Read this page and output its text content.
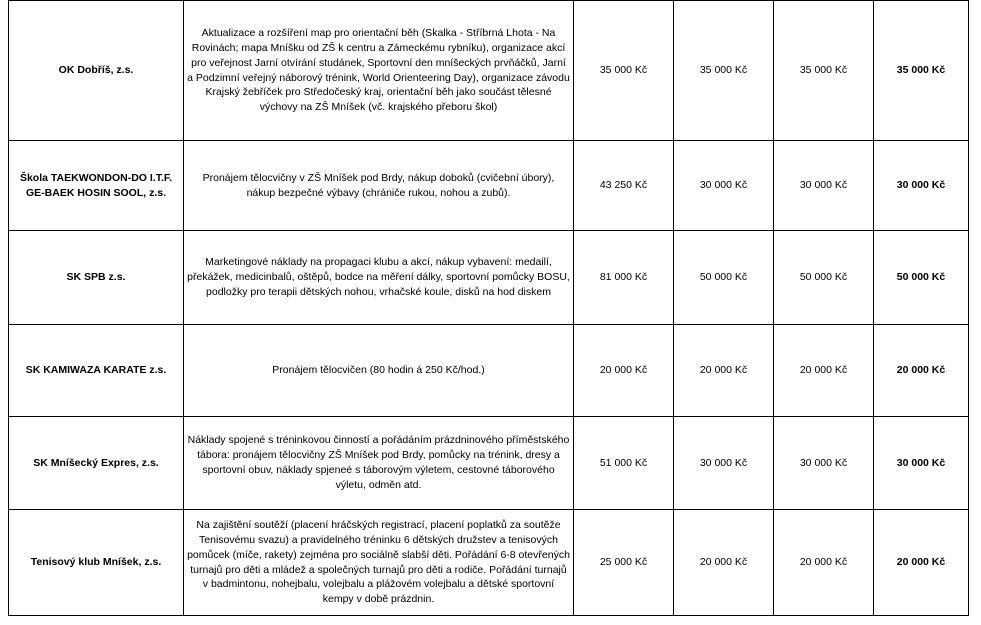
OK Dobříš, z.s.	Aktualizace a rozšíření map pro orientační běh (Skalka - Stříbrná Lhota - Na Rovinách; mapa Mníšku od ZŠ k centru a Zámeckému rybníku), organizace akcí pro veřejnost Jarní otvírání studánek, Sportovní den mníšeckých prvňáčků, Jarní a Podzimní veřejný náborový trénink, World Orienteering Day), organizace závodu Krajský žebříček pro Středočeský kraj, orientační běh jako součást tělesné výchovy na ZŠ Mníšek (vč. krajského přeboru škol)	35 000 Kč	35 000 Kč	35 000 Kč	35 000 Kč
Škola TAEKWONDON-DO I.T.F. GE-BAEK HOSIN SOOL, z.s.	Pronájem tělocvičny v ZŠ Mníšek pod Brdy, nákup doboků (cvičební úbory), nákup bezpečné výbavy (chrániče rukou, nohou a zubů).	43 250 Kč	30 000 Kč	30 000 Kč	30 000 Kč
SK SPB z.s.	Marketingové náklady na propagaci klubu a akcí, nákup vybavení: medailí, překážek, medicinbalů, oštěpů, bodce na měření dálky, sportovní pomůcky BOSU, podložky pro terapii dětských nohou, vrhačské koule, disků na hod diskem	81 000 Kč	50 000 Kč	50 000 Kč	50 000 Kč
SK KAMIWAZA KARATE z.s.	Pronájem tělocvičen (80 hodin á 250 Kč/hod.)	20 000 Kč	20 000 Kč	20 000 Kč	20 000 Kč
SK Mníšecký Expres, z.s.	Náklady spojené s tréninkovou činností a pořádáním prázdninového příměstského tábora: pronájem tělocvičny ZŠ Mníšek pod Brdy, pomůcky na trénink, dresy a sportovní obuv, náklady spjeneé s táborovým výletem, cestovné táborového výletu, odměn atd.	51 000 Kč	30 000 Kč	30 000 Kč	30 000 Kč
Tenisový klub Mníšek, z.s.	Na zajištění soutěží (placení hráčských registrací, placení poplatků za soutěže Tenisovému svazu) a pravidelného tréninku 6 dětských družstev a tenisových pomůcek (míče, rakety) zejména pro sociálně slabší děti. Pořádání 6-8 otevřených turnajů pro děti a mládež a společných turnajů pro děti a rodiče. Pořádání turnajů v badmintonu, nohejbalu, volejbalu a plážovém volejbalu a dětské sportovní kempy v době prázdnin.	25 000 Kč	20 000 Kč	20 000 Kč	20 000 Kč
